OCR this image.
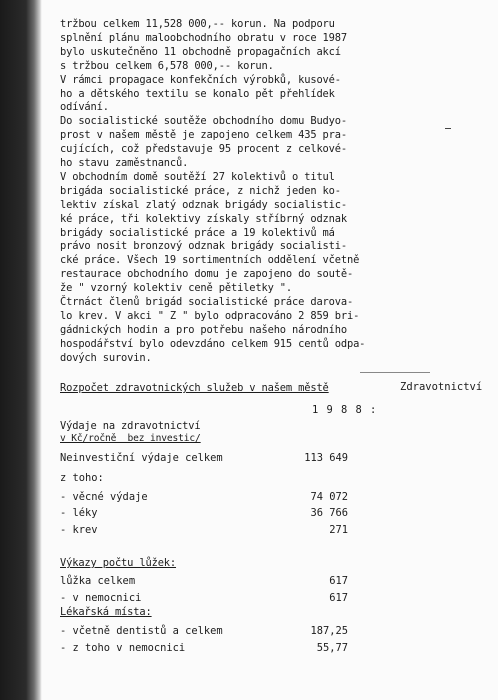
tržbou celkem 11,528 000,-- korun. Na podporu

splnění plánu maloobchodního obratu v roce 1987

bylo uskutečněno 11 obchodně propagačních akcí

s tržbou celkem 6,578 000,-- korun.

V rámci propagace konfekčních výrobků, kusové-

ho a dětského textilu se konalo pět přehlídek

odívání.

Do socialistické soutěže obchodního domu Budyo-

prost v našem městě je zapojeno celkem 435 pra-

cujících, což představuje 95 procent z celkové-

ho stavu zaměstnanců.

V obchodním domě soutěží 27 kolektivů o titul

brigáda socialistické práce, z nichž jeden ko-

lektiv získal zlatý odznak brigády socialistic-

ké práce, tři kolektivy získaly stříbrný odznak

brigády socialistické práce a 19 kolektivů má

právo nosit bronzový odznak brigády socialisti-

cké práce. Všech 19 sortimentních oddělení včetně

restaurace obchodního domu je zapojeno do soutě-

že " vzorný kolektiv ceně pětiletky ".

Čtrnáct členů brigád socialistické práce darova-

lo krev. V akci " Z " bylo odpracováno 2 859 bri-

gádnických hodin a pro potřebu našeho národního

hospodářství bylo odevzdáno celkem 915 centů odpa-

dových surovin.

Rozpočet zdravotnických služeb v našem městě	Zdravotnictví

1 9 8 8 :

Výdaje na zdravotnictví

v Kč/ročně  bez investic/

Neinvestiční výdaje celkem	113 649

z toho:

- věcné výdaje	74 072

- léky	36 766

- krev	271

Výkazy počtu lůžek:

lůžka celkem	617

- v nemocnici	617

Lékařská místa:

- včetně dentistů a celkem	187,25

- z toho v nemocnici	55,77
